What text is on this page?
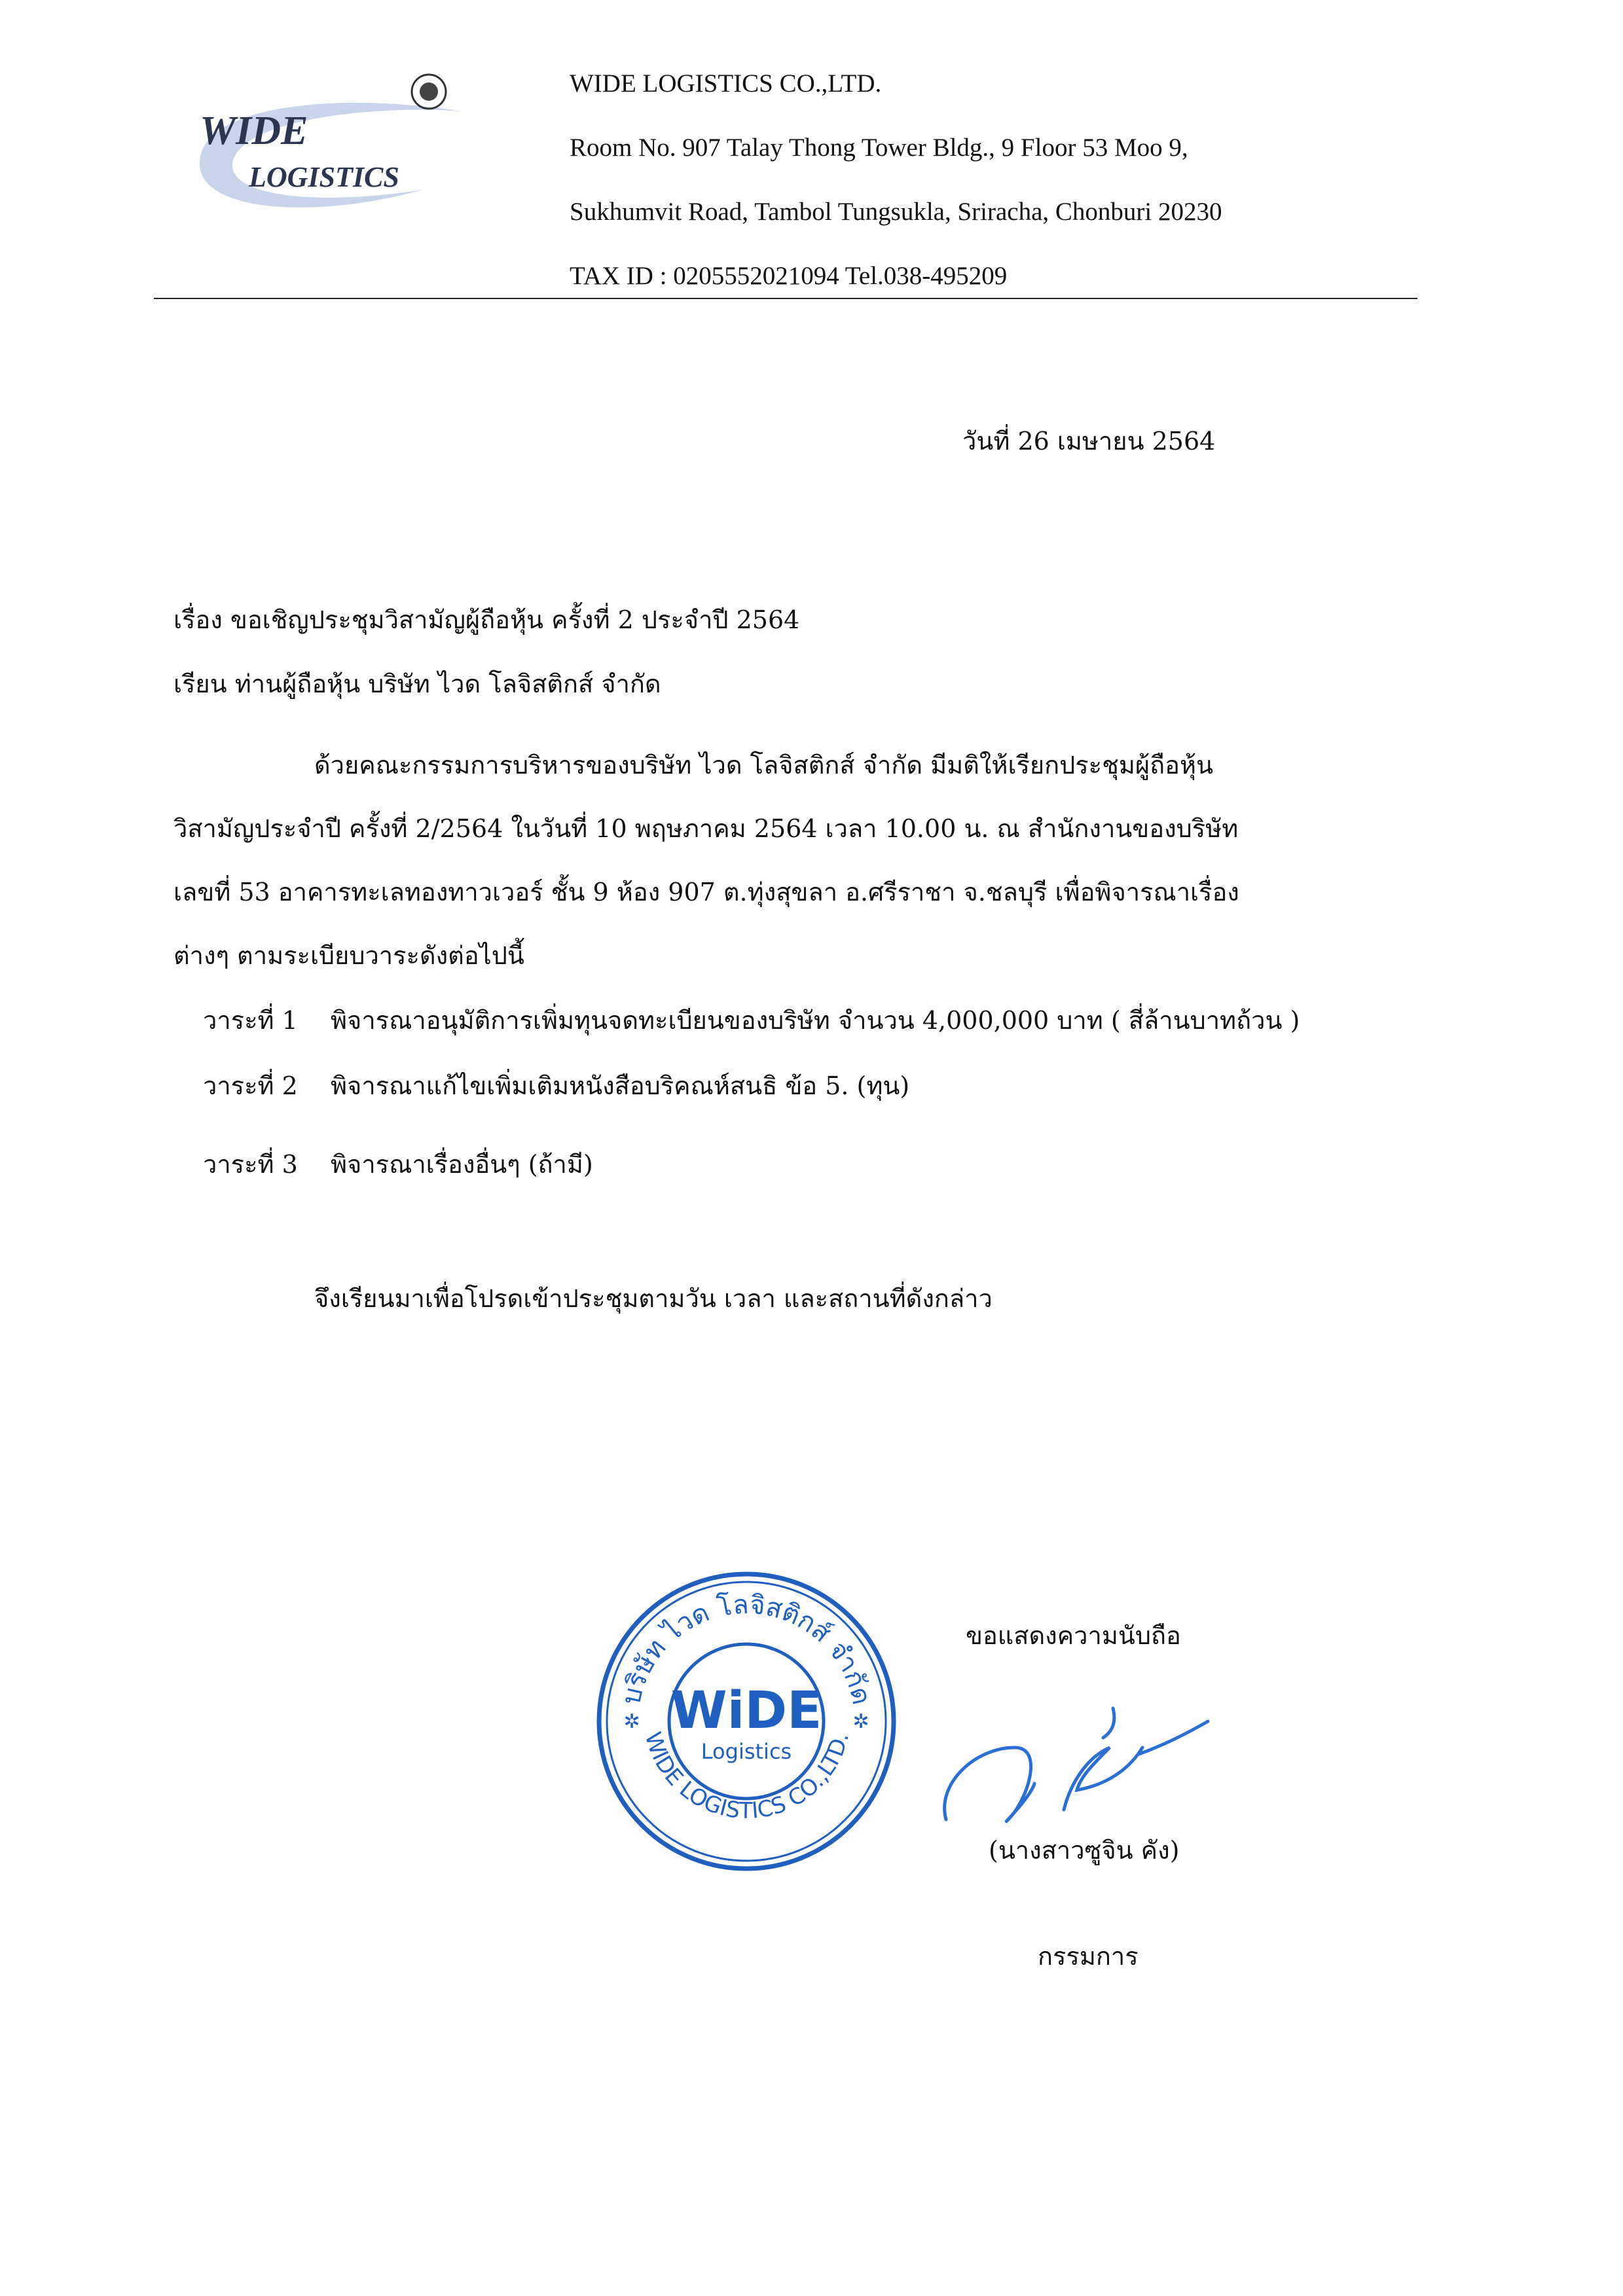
WIDE
LOGISTICS
WIDE LOGISTICS CO.,LTD.
Room No. 907 Talay Thong Tower Bldg., 9 Floor 53 Moo 9,
Sukhumvit Road, Tambol Tungsukla, Sriracha, Chonburi 20230
TAX ID : 0205552021094 Tel.038-495209
วันที่ 26 เมษายน 2564
เรื่อง ขอเชิญประชุมวิสามัญผู้ถือหุ้น ครั้งที่ 2 ประจำปี 2564
เรียน ท่านผู้ถือหุ้น บริษัท ไวด โลจิสติกส์ จำกัด
ด้วยคณะกรรมการบริหารของบริษัท ไวด โลจิสติกส์ จำกัด มีมติให้เรียกประชุมผู้ถือหุ้น
วิสามัญประจำปี ครั้งที่ 2/2564 ในวันที่ 10 พฤษภาคม 2564 เวลา 10.00 น. ณ สำนักงานของบริษัท
เลขที่ 53 อาคารทะเลทองทาวเวอร์ ชั้น 9 ห้อง 907 ต.ทุ่งสุขลา อ.ศรีราชา จ.ชลบุรี เพื่อพิจารณาเรื่อง
ต่างๆ ตามระเบียบวาระดังต่อไปนี้
วาระที่ 1 พิจารณาอนุมัติการเพิ่มทุนจดทะเบียนของบริษัท จำนวน 4,000,000 บาท ( สี่ล้านบาทถ้วน )
วาระที่ 2 พิจารณาแก้ไขเพิ่มเติมหนังสือบริคณห์สนธิ ข้อ 5. (ทุน)
วาระที่ 3 พิจารณาเรื่องอื่นๆ (ถ้ามี)
จึงเรียนมาเพื่อโปรดเข้าประชุมตามวัน เวลา และสถานที่ดังกล่าว
บริษัท ไวด โลจิสติกส์ จำกัด
WIDE LOGISTICS CO.,LTD.
✲	✲
WiDE
Logistics
ขอแสดงความนับถือ
(นางสาวซูจิน คัง)
กรรมการ
